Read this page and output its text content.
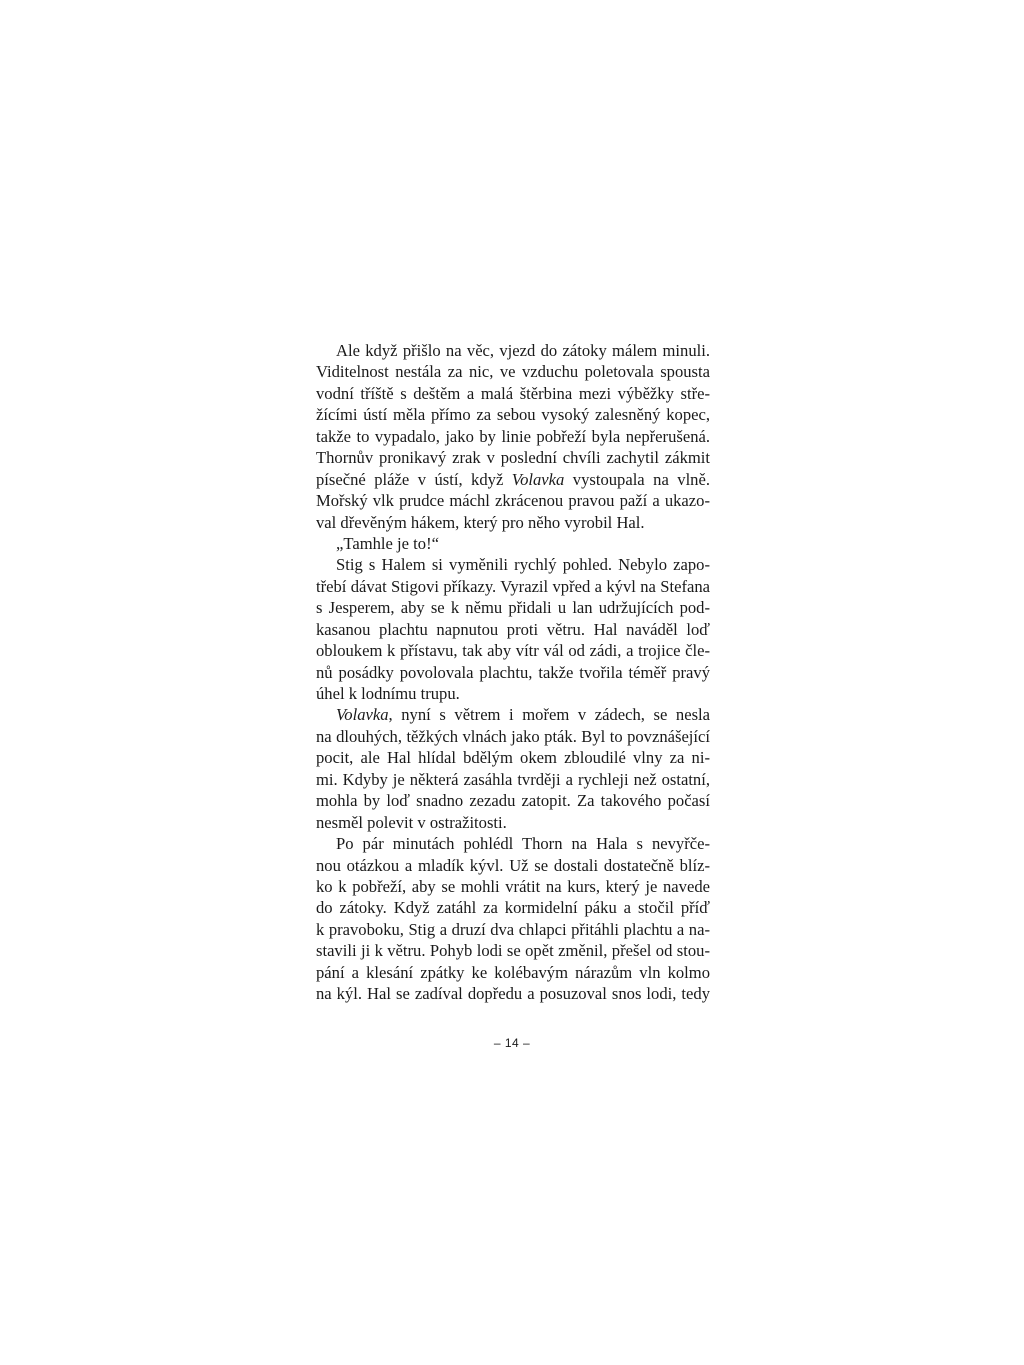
Ale když přišlo na věc, vjezd do zátoky málem minuli.
Viditelnost nestála za nic, ve vzduchu poletovala spousta
vodní tříště s deštěm a malá štěrbina mezi výběžky stře-
žícími ústí měla přímo za sebou vysoký zalesněný kopec,
takže to vypadalo, jako by linie pobřeží byla nepřerušená.
Thornův pronikavý zrak v poslední chvíli zachytil zákmit
písečné pláže v ústí, když Volavka vystoupala na vlně.
Mořský vlk prudce máchl zkrácenou pravou paží a ukazo-
val dřevěným hákem, který pro něho vyrobil Hal.
„Tamhle je to!“
Stig s Halem si vyměnili rychlý pohled. Nebylo zapo-
třebí dávat Stigovi příkazy. Vyrazil vpřed a kývl na Stefana
s Jesperem, aby se k němu přidali u lan udržujících pod-
kasanou plachtu napnutou proti větru. Hal naváděl loď
obloukem k přístavu, tak aby vítr vál od zádi, a trojice čle-
nů posádky povolovala plachtu, takže tvořila téměř pravý
úhel k lodnímu trupu.
Volavka, nyní s větrem i mořem v zádech, se nesla
na dlouhých, těžkých vlnách jako pták. Byl to povznášející
pocit, ale Hal hlídal bdělým okem zbloudilé vlny za ni-
mi. Kdyby je některá zasáhla tvrději a rychleji než ostatní,
mohla by loď snadno zezadu zatopit. Za takového počasí
nesměl polevit v ostražitosti.
Po pár minutách pohlédl Thorn na Hala s nevyřče-
nou otázkou a mladík kývl. Už se dostali dostatečně blíz-
ko k pobřeží, aby se mohli vrátit na kurs, který je navede
do zátoky. Když zatáhl za kormidelní páku a stočil příď
k pravoboku, Stig a druzí dva chlapci přitáhli plachtu a na-
stavili ji k větru. Pohyb lodi se opět změnil, přešel od stou-
pání a klesání zpátky ke kolébavým nárazům vln kolmo
na kýl. Hal se zadíval dopředu a posuzoval snos lodi, tedy
– 14 –
